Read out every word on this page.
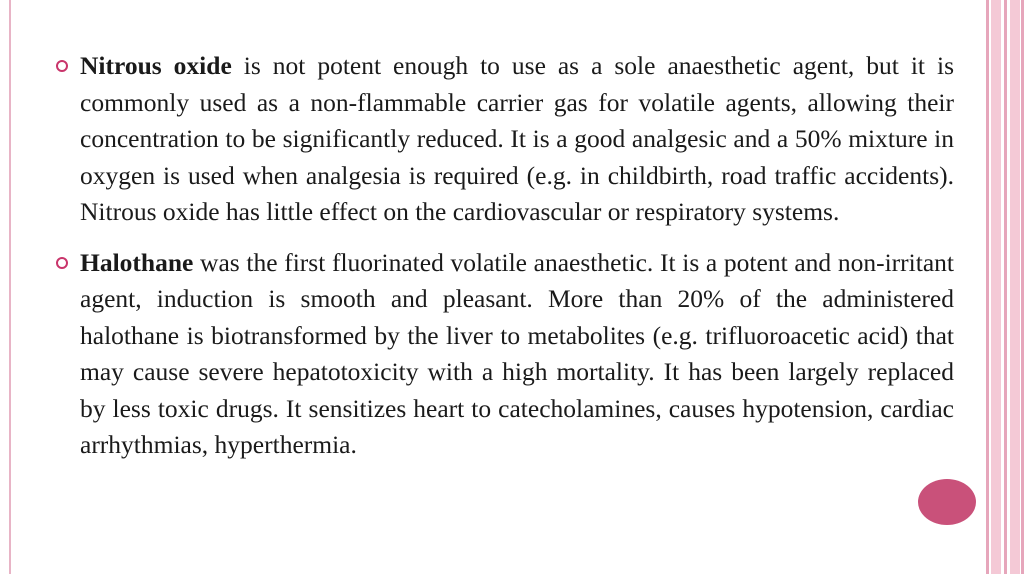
Nitrous oxide is not potent enough to use as a sole anaesthetic agent, but it is commonly used as a non-flammable carrier gas for volatile agents, allowing their concentration to be significantly reduced. It is a good analgesic and a 50% mixture in oxygen is used when analgesia is required (e.g. in childbirth, road traffic accidents). Nitrous oxide has little effect on the cardiovascular or respiratory systems.
Halothane was the first fluorinated volatile anaesthetic. It is a potent and non-irritant agent, induction is smooth and pleasant. More than 20% of the administered halothane is biotransformed by the liver to metabolites (e.g. trifluoroacetic acid) that may cause severe hepatotoxicity with a high mortality. It has been largely replaced by less toxic drugs. It sensitizes heart to catecholamines, causes hypotension, cardiac arrhythmias, hyperthermia.
